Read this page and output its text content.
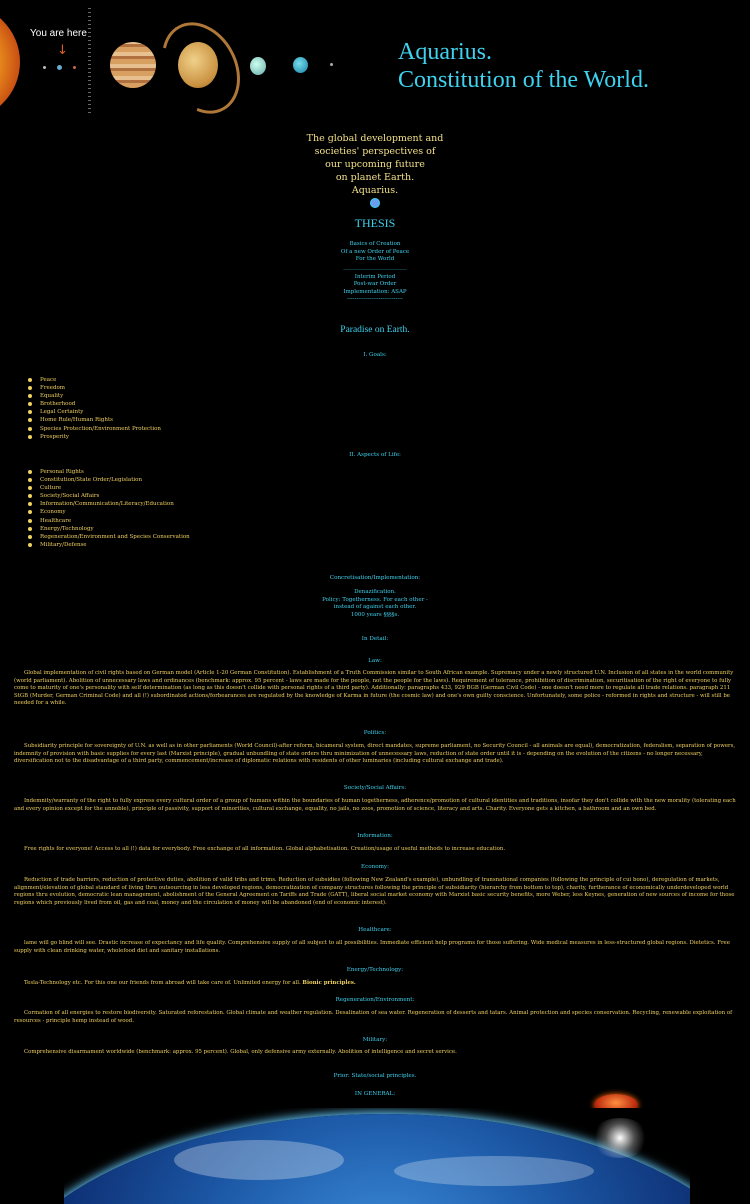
You are here
↓	Aquarius.
Constitution of the World.
The global development and
societies' perspectives of
our upcoming future
on planet Earth.
Aquarius.
THESIS
Basics of Creation
Of a new Order of Peace
For the World
_______________________
Interim Period
Post-war Order
Implementation: ASAP
------------------------------
Paradise on Earth.
I. Goals:
Peace
Freedom
Equality
Brotherhood
Legal Certainty
Home Rule/Human Rights
Species Protection/Environment Protection
Prosperity
II. Aspects of Life:
Personal Rights
Constitution/State Order/Legislation
Culture
Society/Social Affairs
Information/Communication/Literacy/Education
Economy
Healthcare
Energy/Technology
Regeneration/Environment and Species Conservation
Military/Defense
Concretisation/Implementation:
Denazification.
Policy: Togetherness. For each other -
instead of against each other.
1000 years §§§§s.
In Detail:
Law:
Global implementation of civil rights based on German model (Article 1-20 German Constitution). Establishment of a Truth Commission similar to South African example. Supremacy under a newly structured U.N. Inclusion of all states in the world community (world parliament). Abolition of unnecessary laws and ordinances (benchmark: approx. 95 percent - laws are made for the people, not the people for the laws). Requirement of tolerance, prohibition of discrimination, securitisation of the right of everyone to fully come to maturity of one's personality with self determination (as long as this doesn't collide with personal rights of a third party). Additionally: paragraphs 433, 929 BGB (German Civil Code) - one doesn't need more to regulate all trade relations. paragraph 211 StGB (Murder, German Criminal Code) and all (!) subordinated actions/forbearances are regulated by the knowledge of Karma in future (the cosmic law) and one's own guilty conscience. Unfortunately, some police - reformed in rights and structure - will still be needed for a while.
Politics:
Subsidiarity principle for sovereignty of U.N. as well as in other parliaments (World Council)-after reform, bicameral system, direct mandates, supreme parliament, no Security Council - all animals are equal), democratization, federalism, separation of powers, indemnity of provision with basic supplies for every last (Marxist principle), gradual unbundling of state orders thru minimization of unnecessary laws, reduction of state order until it is - depending on the evolution of the citizens - no longer necessary, diversification not to the disadvantage of a third party, commencement/increase of diplomatic relations with residents of other luminaries (including cultural exchange and trade).
Society/Social Affairs:
Indemnity/warranty of the right to fully express every cultural order of a group of humans within the boundaries of human togetherness, adherence/promotion of cultural identities and traditions, insofar they don't collide with the new morality (tolerating each and every opinion except for the unnoble), principle of passivity, support of minorities, cultural exchange, equality, no jails, no zoos, promotion of science, literacy and arts. Charity. Everyone gets a kitchen, a bathroom and an own bed.
Information:
Free rights for everyone! Access to all (!) data for everybody. Free exchange of all information. Global alphabetisation. Creation/usage of useful methods to increase education.
Economy:
Reduction of trade barriers, reduction of protective duties, abolition of valid tribs and trims. Reduction of subsidies (following New Zealand's example), unbundling of transnational companies (following the principle of cui bono), deregulation of markets, alignment/elevation of global standard of living thru outsourcing in less developed regions, democratization of company structures following the principle of subsidiarity (hierarchy from bottom to top), charity, furtherance of economically underdeveloped world regions thru evolution, democratic lean management, abolishment of the General Agreement on Tariffs and Trade (GATT), liberal social market economy with Marxist basic security benefits, more Weber, less Keynes, generation of new sources of income for those regions which previously lived from oil, gas and coal, money and the circulation of money will be abandoned (end of economic interest).
Healthcare:
lame will go blind will see. Drastic increase of expectancy and life quality. Comprehensive supply of all subject to all possibilities. Immediate efficient help programs for those suffering. Wide medical measures in less-structured global regions. Dietetics. Free supply with clean drinking water, wholefood diet and sanitary installations.
Energy/Technology:
Tesla-Technology etc. For this one our friends from abroad will take care of. Unlimited energy for all. Bionic principles.
Regeneration/Environment:
Cormation of all energies to restore biodiversity. Saturated reforestation. Global climate and weather regulation. Desalination of sea water. Regeneration of desserts and tatars. Animal protection and species conservation. Recycling, renewable exploitation of resources - principle hemp instead of wood.
Military:
Comprehensive disarmament worldwide (benchmark: approx. 95 percent). Global, only defensive army externally. Abolition of intelligence and secret service.
Prior: State/social principles.
IN GENERAL:
